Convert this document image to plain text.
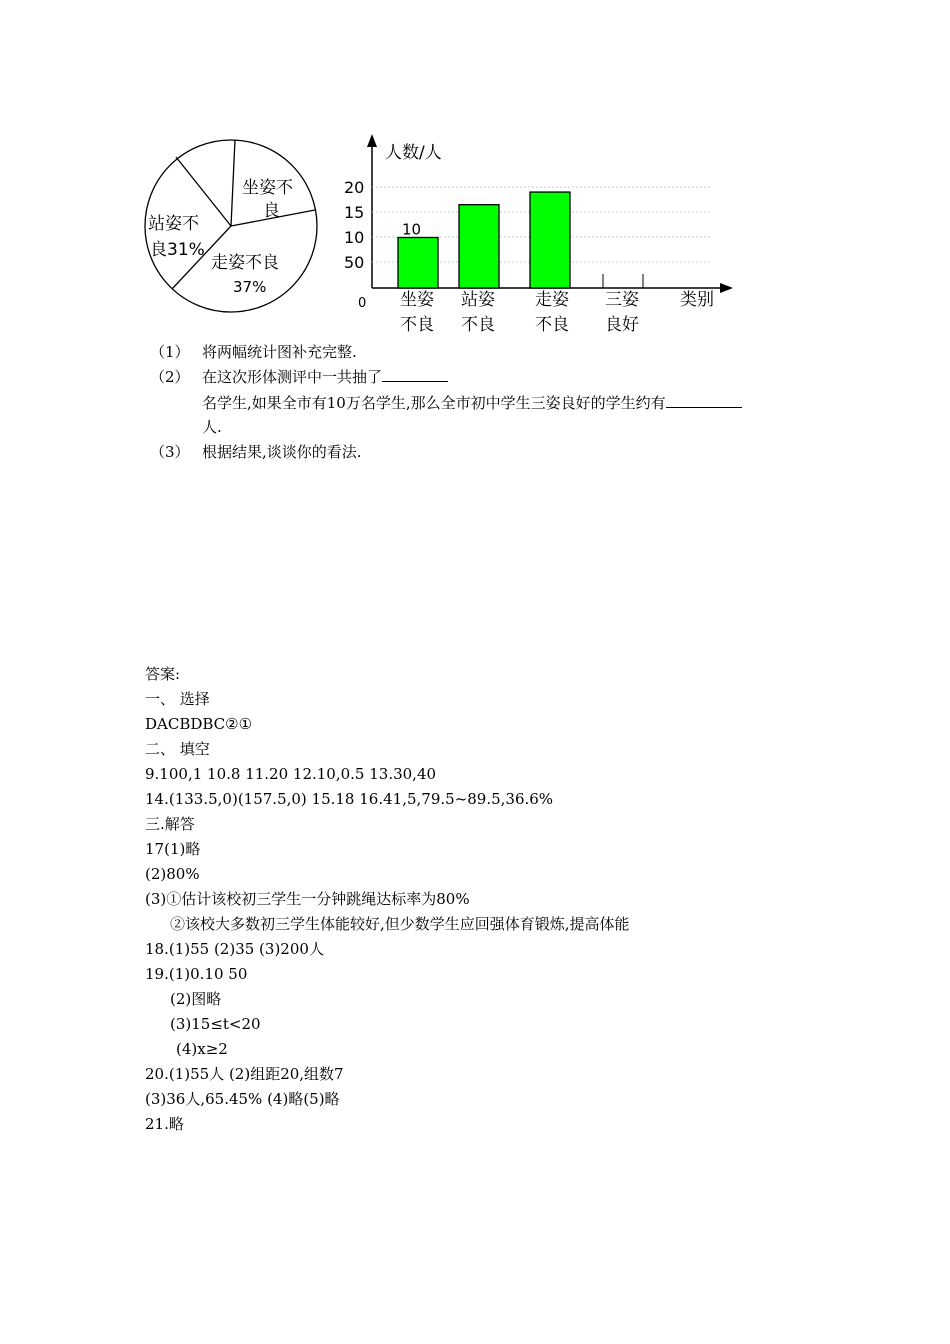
坐姿不
良
站姿不
良31%
走姿不良
37%
人数/人
类别
0
50
10
15
20
10
坐姿
不良
站姿
不良
走姿
不良
三姿
良好
（1） 将两幅统计图补充完整.
（2） 在这次形体测评中一共抽了
名学生,如果全市有10万名学生,那么全市初中学生三姿良好的学生约有
人.
（3） 根据结果,谈谈你的看法.
答案:
一、 选择
DACBDBC②①
二、 填空
9.100,1 10.8 11.20 12.10,0.5 13.30,40
14.(133.5,0)(157.5,0) 15.18 16.41,5,79.5~89.5,36.6%
三.解答
17(1)略
(2)80%
(3)①估计该校初三学生一分钟跳绳达标率为80%
②该校大多数初三学生体能较好,但少数学生应回强体育锻炼,提高体能
18.(1)55 (2)35 (3)200人
19.(1)0.10 50
(2)图略
(3)15≤t<20
(4)x≥2
20.(1)55人 (2)组距20,组数7
(3)36人,65.45% (4)略(5)略
21.略
